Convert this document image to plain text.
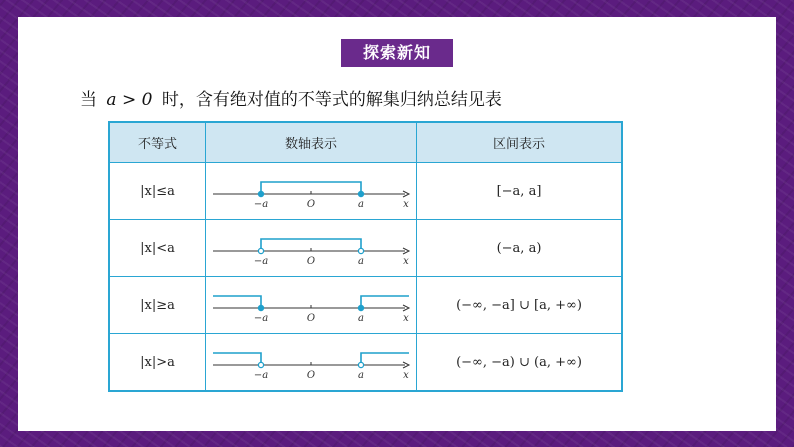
探索新知
当 a > 0 时，含有绝对值的不等式的解集归纳总结见表
不等式	数轴表示	区间表示
|x|≤a	−a O a x	[−a, a]
|x|<a	−a O a x	(−a, a)
|x|≥a	−a O a x	(−∞, −a] ∪ [a, +∞)
|x|>a	−a O a x	(−∞, −a) ∪ (a, +∞)
